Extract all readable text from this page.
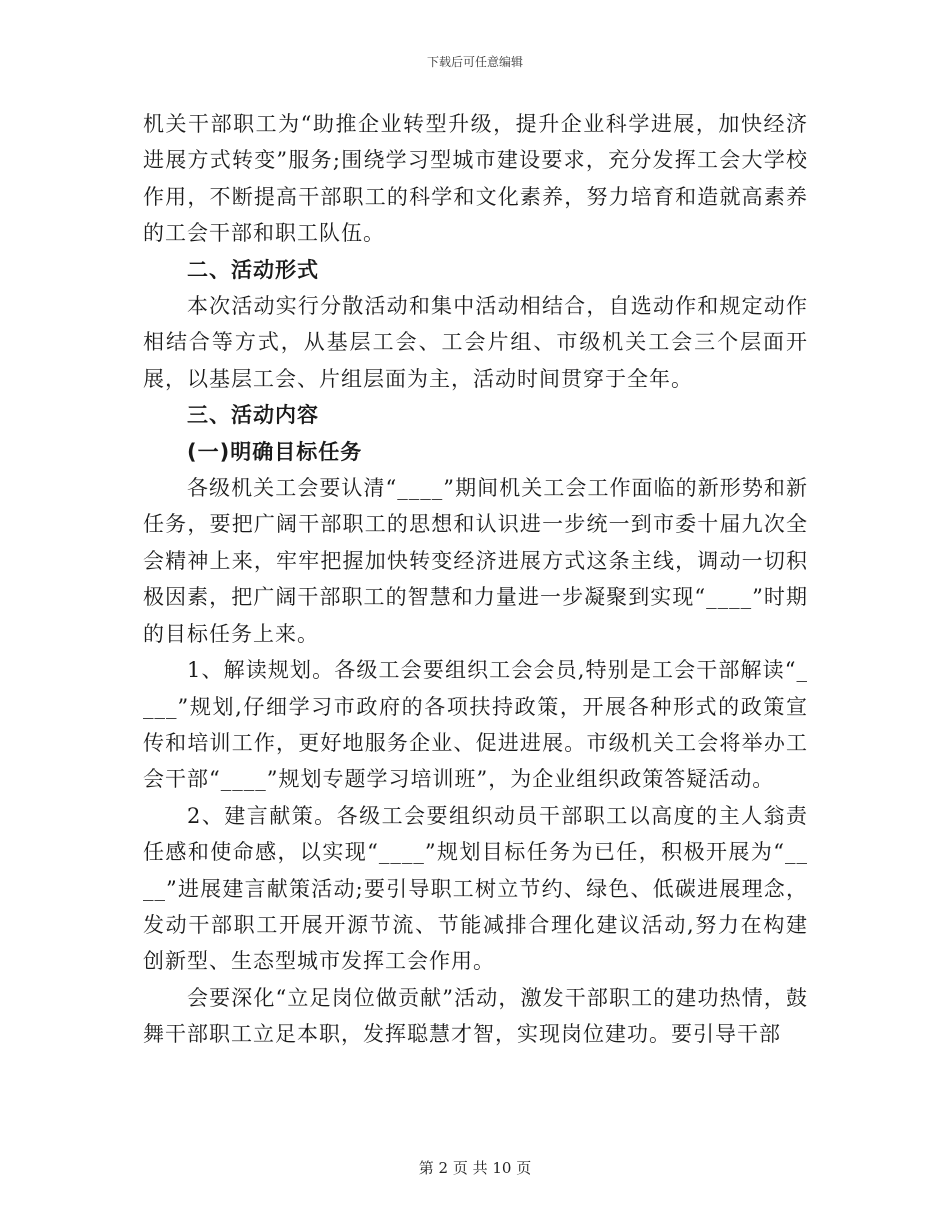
下载后可任意编辑

机关干部职工为“助推企业转型升级，提升企业科学进展，加快经济进展方式转变”服务;围绕学习型城市建设要求，充分发挥工会大学校作用，不断提高干部职工的科学和文化素养，努力培育和造就高素养的工会干部和职工队伍。

二、活动形式

本次活动实行分散活动和集中活动相结合，自选动作和规定动作相结合等方式，从基层工会、工会片组、市级机关工会三个层面开展，以基层工会、片组层面为主，活动时间贯穿于全年。

三、活动内容

(一)明确目标任务

各级机关工会要认清“____”期间机关工会工作面临的新形势和新任务，要把广阔干部职工的思想和认识进一步统一到市委十届九次全会精神上来，牢牢把握加快转变经济进展方式这条主线，调动一切积极因素，把广阔干部职工的智慧和力量进一步凝聚到实现“____”时期的目标任务上来。

1、解读规划。各级工会要组织工会会员,特别是工会干部解读“____”规划,仔细学习市政府的各项扶持政策，开展各种形式的政策宣传和培训工作，更好地服务企业、促进进展。市级机关工会将举办工会干部“____”规划专题学习培训班”，为企业组织政策答疑活动。

2、建言献策。各级工会要组织动员干部职工以高度的主人翁责任感和使命感，以实现“____”规划目标任务为已任，积极开展为“____”进展建言献策活动;要引导职工树立节约、绿色、低碳进展理念，发动干部职工开展开源节流、节能减排合理化建议活动,努力在构建创新型、生态型城市发挥工会作用。

会要深化“立足岗位做贡献”活动，激发干部职工的建功热情，鼓舞干部职工立足本职，发挥聪慧才智，实现岗位建功。要引导干部

第 2 页 共 10 页
